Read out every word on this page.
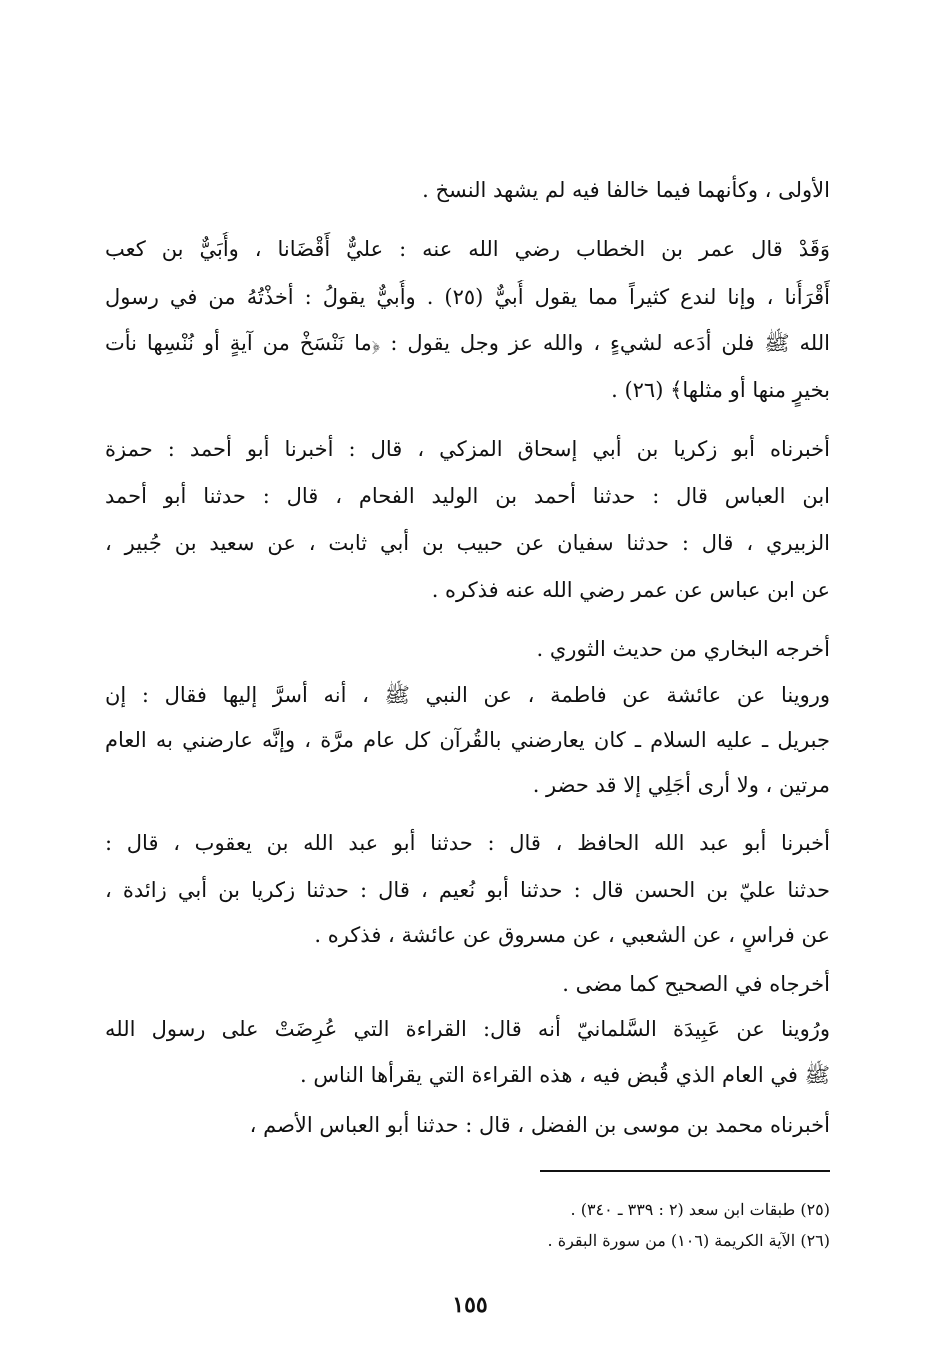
الأولى ، وكأنهما فيما خالفا فيه لم يشهد النسخ .
وَقَدْ قال عمر بن الخطاب رضي الله عنه : عليٌّ أَقْضَانا ، وأُبَيٌّ بن كعب
أَقْرَأُنا ، وإنا لندع كثيراً مما يقول أُبيٌّ (٢٥) . وأُبيٌّ يقولُ : أخذْتُهُ من في رسول
الله ﷺ فلن أدَعه لشيءٍ ، والله عز وجل يقول : ﴿ما نَنْسَخْ من آيةٍ أو نُنْسِها نأت
بخيرٍ منها أو مثلها﴾ (٢٦) .
أخبرناه أبو زكريا بن أبي إسحاق المزكي ، قال : أخبرنا أبو أحمد : حمزة
ابن العباس قال : حدثنا أحمد بن الوليد الفحام ، قال : حدثنا أبو أحمد
الزبيري ، قال : حدثنا سفيان عن حبيب بن أبي ثابت ، عن سعيد بن جُبير ،
عن ابن عباس عن عمر رضي الله عنه فذكره .
أخرجه البخاري من حديث الثوري .
وروينا عن عائشة عن فاطمة ، عن النبي ﷺ ، أنه أسرَّ إليها فقال : إن
جبريل ـ عليه السلام ـ كان يعارضني بالقُرآن كل عام مرَّة ، وإنَّه عارضني به العام
مرتين ، ولا أرى أجَلِي إلا قد حضر .
أخبرنا أبو عبد الله الحافظ ، قال : حدثنا أبو عبد الله بن يعقوب ، قال :
حدثنا عليّ بن الحسن قال : حدثنا أبو نُعيم ، قال : حدثنا زكريا بن أبي زائدة ،
عن فراسٍ ، عن الشعبي ، عن مسروق عن عائشة ، فذكره .
أخرجاه في الصحيح كما مضى .
ورُوينا عن عَبِيدَة السَّلمانيّ أنه قال: القراءة التي عُرِضَتْ على رسول الله
ﷺ في العام الذي قُبض فيه ، هذه القراءة التي يقرأها الناس .
أخبرناه محمد بن موسى بن الفضل ، قال : حدثنا أبو العباس الأصم ،
(٢٥) طبقات ابن سعد (٢ : ٣٣٩ ـ ٣٤٠) .
(٢٦) الآية الكريمة (١٠٦) من سورة البقرة .
١٥٥
